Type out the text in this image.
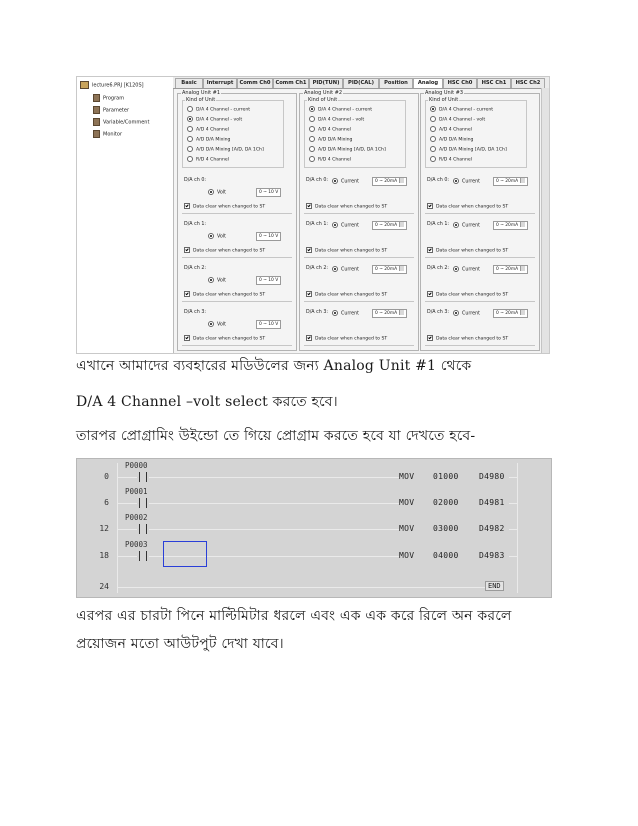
lecture6.PRJ [K120S]
Program
Parameter
Variable/Comment
Monitor
Basic	Interrupt	Comm Ch0 Comm Ch1	PID(TUN)	PID(CAL)	Position	Analog	HSC Ch0	HSC Ch1	HSC Ch2
Analog Unit #1
Kind of Unit
D/A 4 Channel - current
D/A 4 Channel - volt
A/D 4 Channel
A/D D/A Mixing
A/D D/A Mixing [A/D, DA 1Ch]
R/D 4 Channel
D/A ch 0:
Volt	0 ~ 10 V
Data clear when changed to ST
D/A ch 1:
Volt	0 ~ 10 V
Data clear when changed to ST
D/A ch 2:
Volt	0 ~ 10 V
Data clear when changed to ST
D/A ch 3:
Volt	0 ~ 10 V
Data clear when changed to ST
Analog Unit #2
Kind of Unit
D/A 4 Channel - current
D/A 4 Channel - volt
A/D 4 Channel
A/D D/A Mixing
A/D D/A Mixing [A/D, DA 1Ch]
R/D 4 Channel
D/A ch 0:	Current	0 ~ 20mA
Data clear when changed to ST
D/A ch 1:	Current	0 ~ 20mA
Data clear when changed to ST
D/A ch 2:	Current	0 ~ 20mA
Data clear when changed to ST
D/A ch 3:	Current	0 ~ 20mA
Data clear when changed to ST
Analog Unit #3
Kind of Unit
D/A 4 Channel - current
D/A 4 Channel - volt
A/D 4 Channel
A/D D/A Mixing
A/D D/A Mixing [A/D, DA 1Ch]
R/D 4 Channel
D/A ch 0:	Current	0 ~ 20mA
Data clear when changed to ST
D/A ch 1:	Current	0 ~ 20mA
Data clear when changed to ST
D/A ch 2:	Current	0 ~ 20mA
Data clear when changed to ST
D/A ch 3:	Current	0 ~ 20mA
Data clear when changed to ST
এখানে আমাদের ব্যবহারের মডিউলের জন্য Analog Unit #1 থেকে
D/A 4 Channel –volt select করতে হবে।
তারপর প্রোগ্রামিং উইন্ডো তে গিয়ে প্রোগ্রাম করতে হবে যা দেখতে হবে-
0
P0000
MOV 01000	D4980
6
P0001
MOV 02000	D4981
12
P0002
MOV 03000	D4982
18
P0003
MOV 04000	D4983
24	END
এরপর এর চারটা পিনে মাল্টিমিটার ধরলে এবং এক এক করে রিলে অন করলে
প্রয়োজন মতো আউটপুট দেখা যাবে।
